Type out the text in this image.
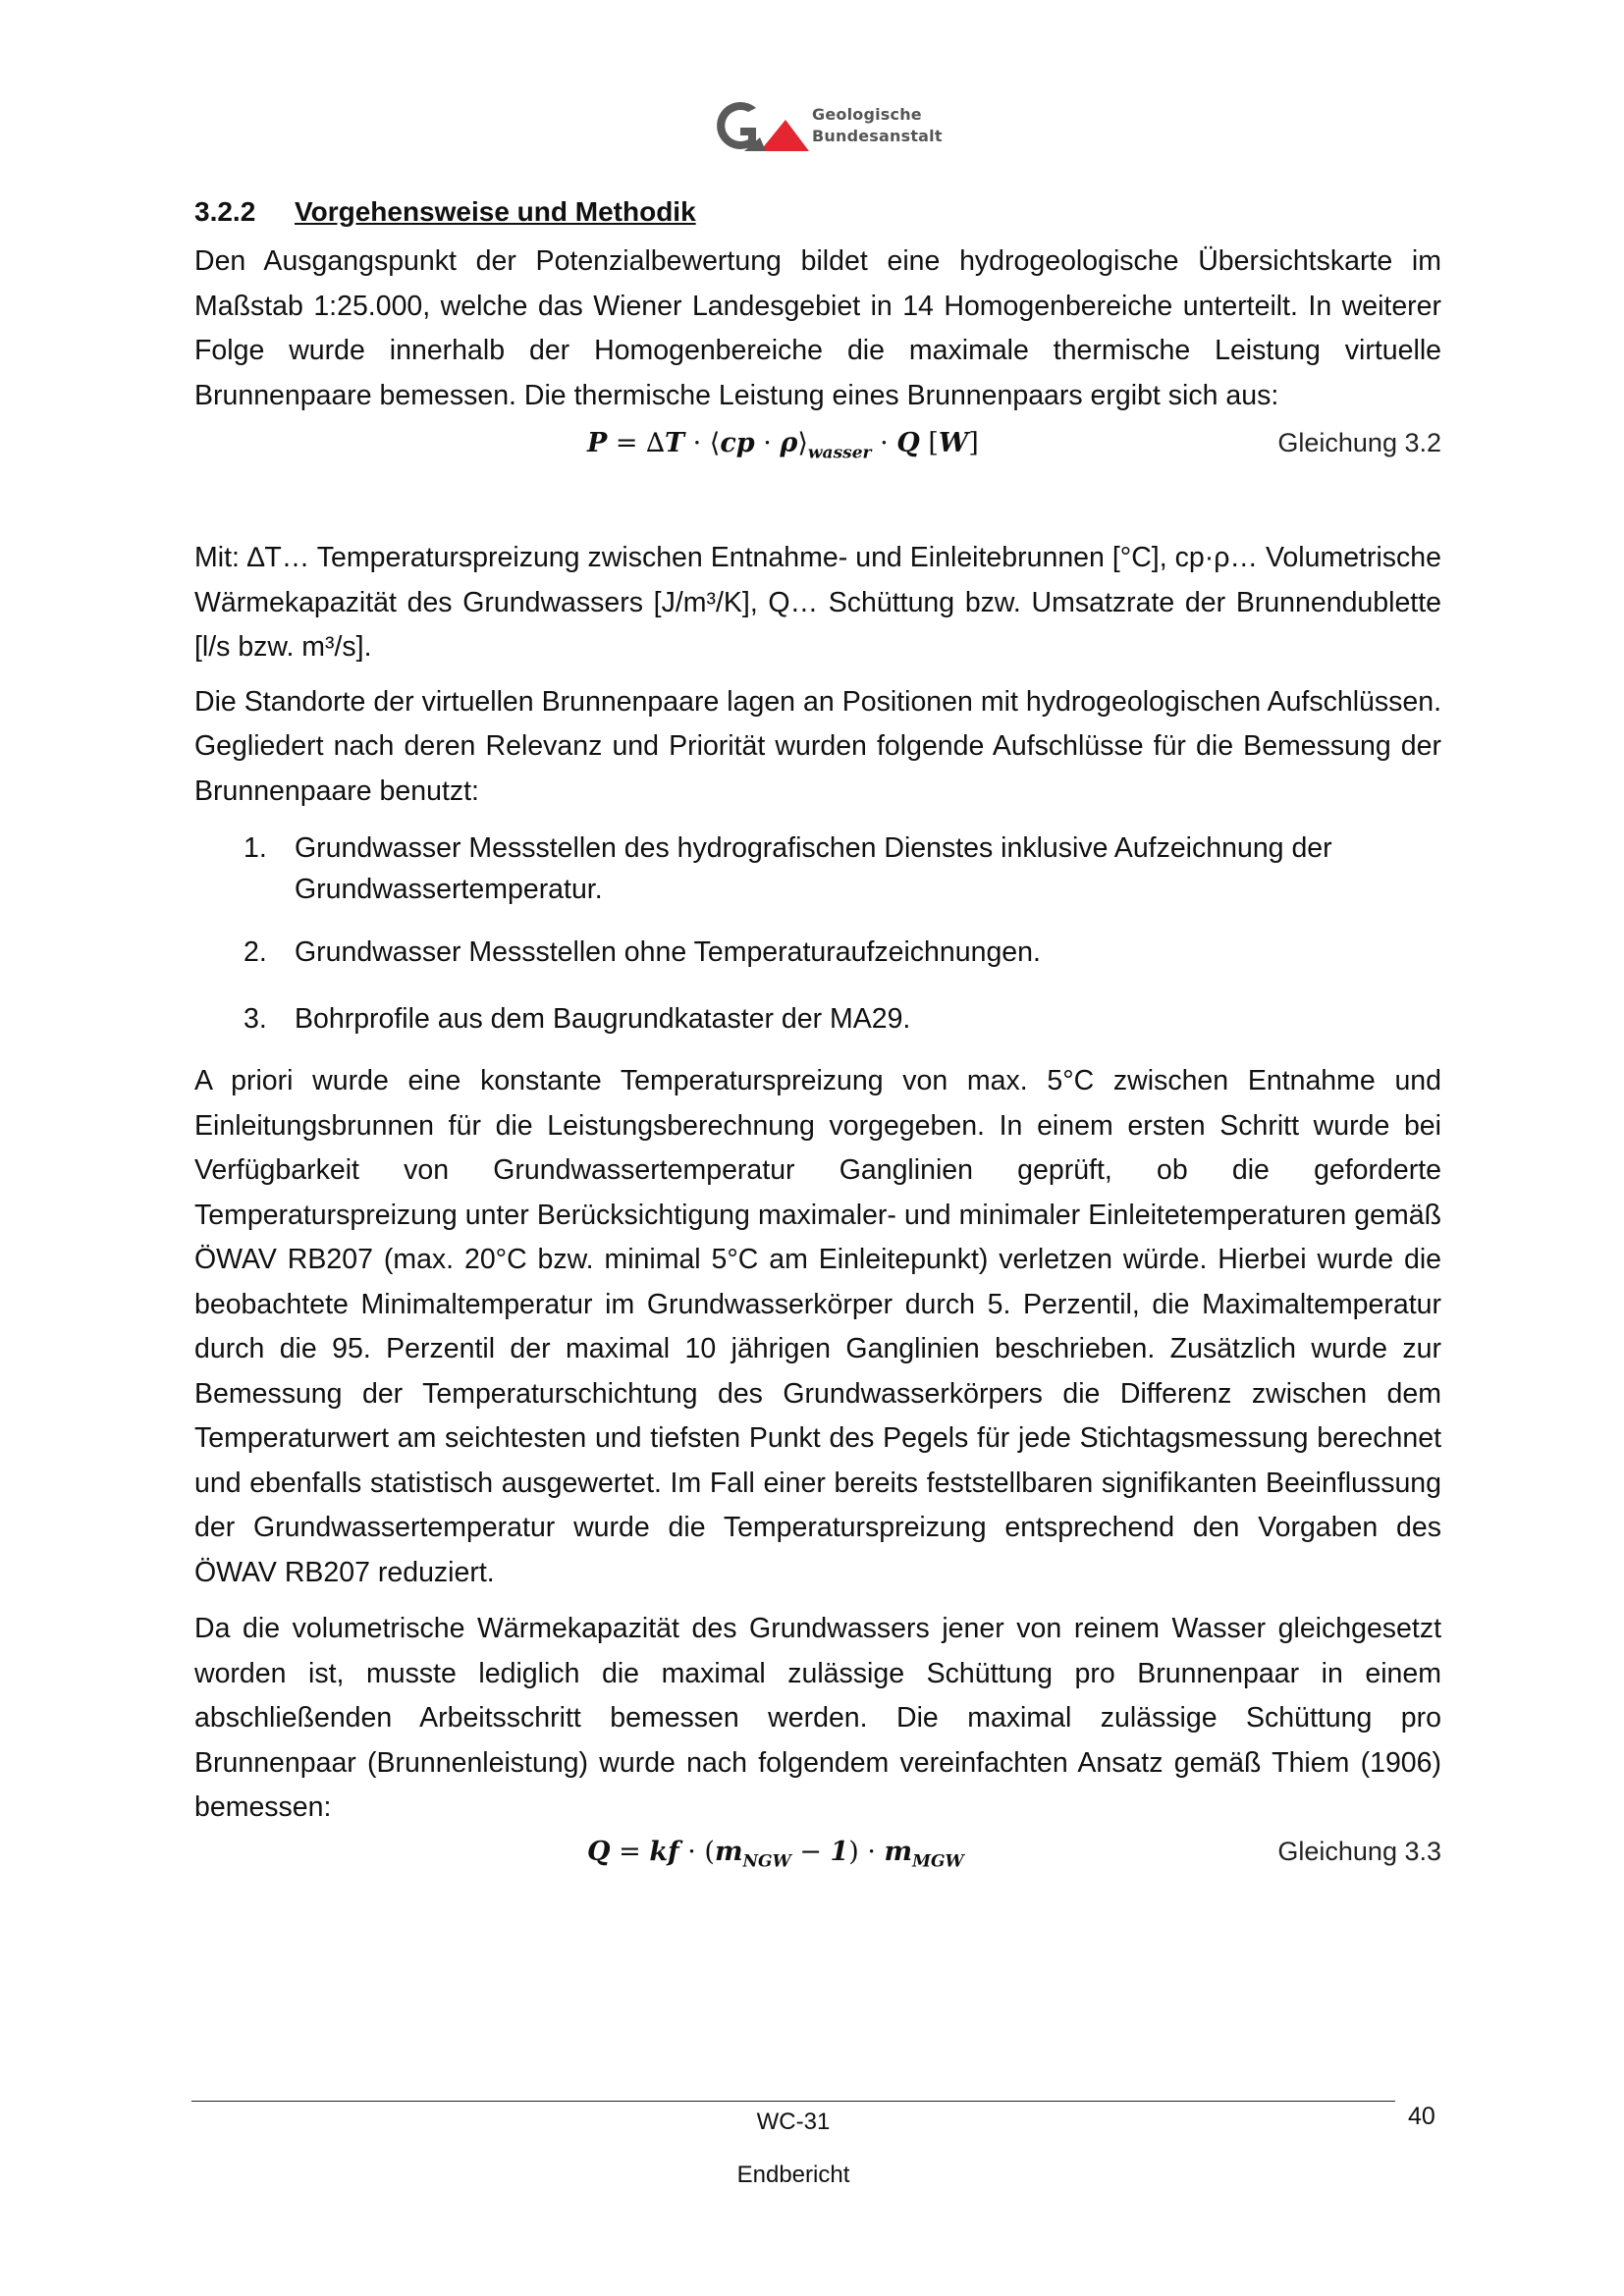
Geologische
Bundesanstalt
3.2.2 Vorgehensweise und Methodik

Den Ausgangspunkt der Potenzialbewertung bildet eine hydrogeologische Übersichtskarte im Maßstab 1:25.000, welche das Wiener Landesgebiet in 14 Homogenbereiche unterteilt. In weiterer Folge wurde innerhalb der Homogenbereiche die maximale thermische Leistung virtuelle Brunnenpaare bemessen. Die thermische Leistung eines Brunnenpaars ergibt sich aus:

P = ∆T · ⟨cp · $\rho⟩_{wasser} \cdot Q$ [W]	Gleichung 3.2

Mit: ∆T… Temperaturspreizung zwischen Entnahme- und Einleitebrunnen [°C], cp·ρ… Volumetrische Wärmekapazität des Grundwassers [J/m³/K], Q… Schüttung bzw. Umsatzrate der Brunnendublette [l/s bzw. m³/s].

Die Standorte der virtuellen Brunnenpaare lagen an Positionen mit hydrogeologischen Aufschlüssen. Gegliedert nach deren Relevanz und Priorität wurden folgende Aufschlüsse für die Bemessung der Brunnenpaare benutzt:

1. Grundwasser Messstellen des hydrografischen Dienstes inklusive Aufzeichnung der Grundwassertemperatur.
2. Grundwasser Messstellen ohne Temperaturaufzeichnungen.
3. Bohrprofile aus dem Baugrundkataster der MA29.

A priori wurde eine konstante Temperaturspreizung von max. 5°C zwischen Entnahme und Einleitungsbrunnen für die Leistungsberechnung vorgegeben. In einem ersten Schritt wurde bei Verfügbarkeit von Grundwassertemperatur Ganglinien geprüft, ob die geforderte Temperaturspreizung unter Berücksichtigung maximaler- und minimaler Einleitetemperaturen gemäß ÖWAV RB207 (max. 20°C bzw. minimal 5°C am Einleitepunkt) verletzen würde. Hierbei wurde die beobachtete Minimaltemperatur im Grundwasserkörper durch 5. Perzentil, die Maximaltemperatur durch die 95. Perzentil der maximal 10 jährigen Ganglinien beschrieben. Zusätzlich wurde zur Bemessung der Temperaturschichtung des Grundwasserkörpers die Differenz zwischen dem Temperaturwert am seichtesten und tiefsten Punkt des Pegels für jede Stichtagsmessung berechnet und ebenfalls statistisch ausgewertet. Im Fall einer bereits feststellbaren signifikanten Beeinflussung der Grundwassertemperatur wurde die Temperaturspreizung entsprechend den Vorgaben des ÖWAV RB207 reduziert.

Da die volumetrische Wärmekapazität des Grundwassers jener von reinem Wasser gleichgesetzt worden ist, musste lediglich die maximal zulässige Schüttung pro Brunnenpaar in einem abschließenden Arbeitsschritt bemessen werden. Die maximal zulässige Schüttung pro Brunnenpaar (Brunnenleistung) wurde nach folgendem vereinfachten Ansatz gemäß Thiem (1906) bemessen:

Q = kf · $(m_{NGW} - 1) \cdot m_{MGW}$	Gleichung 3.3
WC-31	40
Endbericht
